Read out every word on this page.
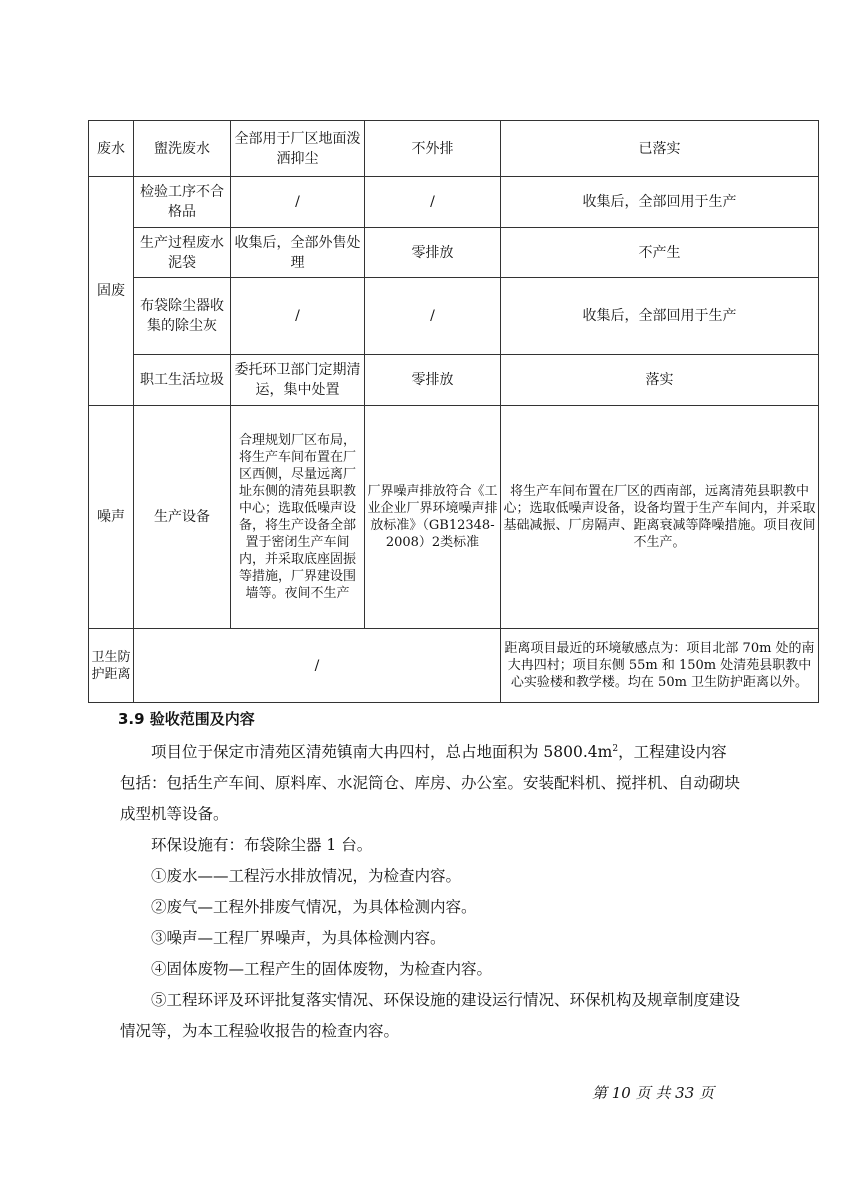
废水	盥洗废水	全部用于厂区地面泼洒抑尘	不外排	已落实
固废	检验工序不合格品	/	/	收集后，全部回用于生产
	生产过程废水泥袋	收集后，全部外售处理	零排放	不产生
	布袋除尘器收集的除尘灰	/	/	收集后，全部回用于生产
	职工生活垃圾	委托环卫部门定期清运，集中处置	零排放	落实
噪声	生产设备	合理规划厂区布局，将生产车间布置在厂区西侧，尽量远离厂址东侧的清苑县职教中心；选取低噪声设备，将生产设备全部置于密闭生产车间内，并采取底座固振等措施，厂界建设围墙等。夜间不生产	厂界噪声排放符合《工业企业厂界环境噪声排放标准》（GB12348-2008）2类标准	将生产车间布置在厂区的西南部，远离清苑县职教中心；选取低噪声设备，设备均置于生产车间内，并采取基础减振、厂房隔声、距离衰减等降噪措施。项目夜间不生产。
卫生防护距离	/			距离项目最近的环境敏感点为：项目北部 70m 处的南大冉四村；项目东侧 55m 和 150m 处清苑县职教中心实验楼和教学楼。均在 50m 卫生防护距离以外。
3.9 验收范围及内容

项目位于保定市清苑区清苑镇南大冉四村，总占地面积为 $5800.4m^2$，工程建设内容包括：包括生产车间、原料库、水泥筒仓、库房、办公室。安装配料机、搅拌机、自动砌块成型机等设备。

环保设施有：布袋除尘器 1 台。

①废水——工程污水排放情况，为检查内容。

②废气—工程外排废气情况，为具体检测内容。

③噪声—工程厂界噪声，为具体检测内容。

④固体废物—工程产生的固体废物，为检查内容。

⑤工程环评及环评批复落实情况、环保设施的建设运行情况、环保机构及规章制度建设情况等，为本工程验收报告的检查内容。

第 10 页 共 33 页
